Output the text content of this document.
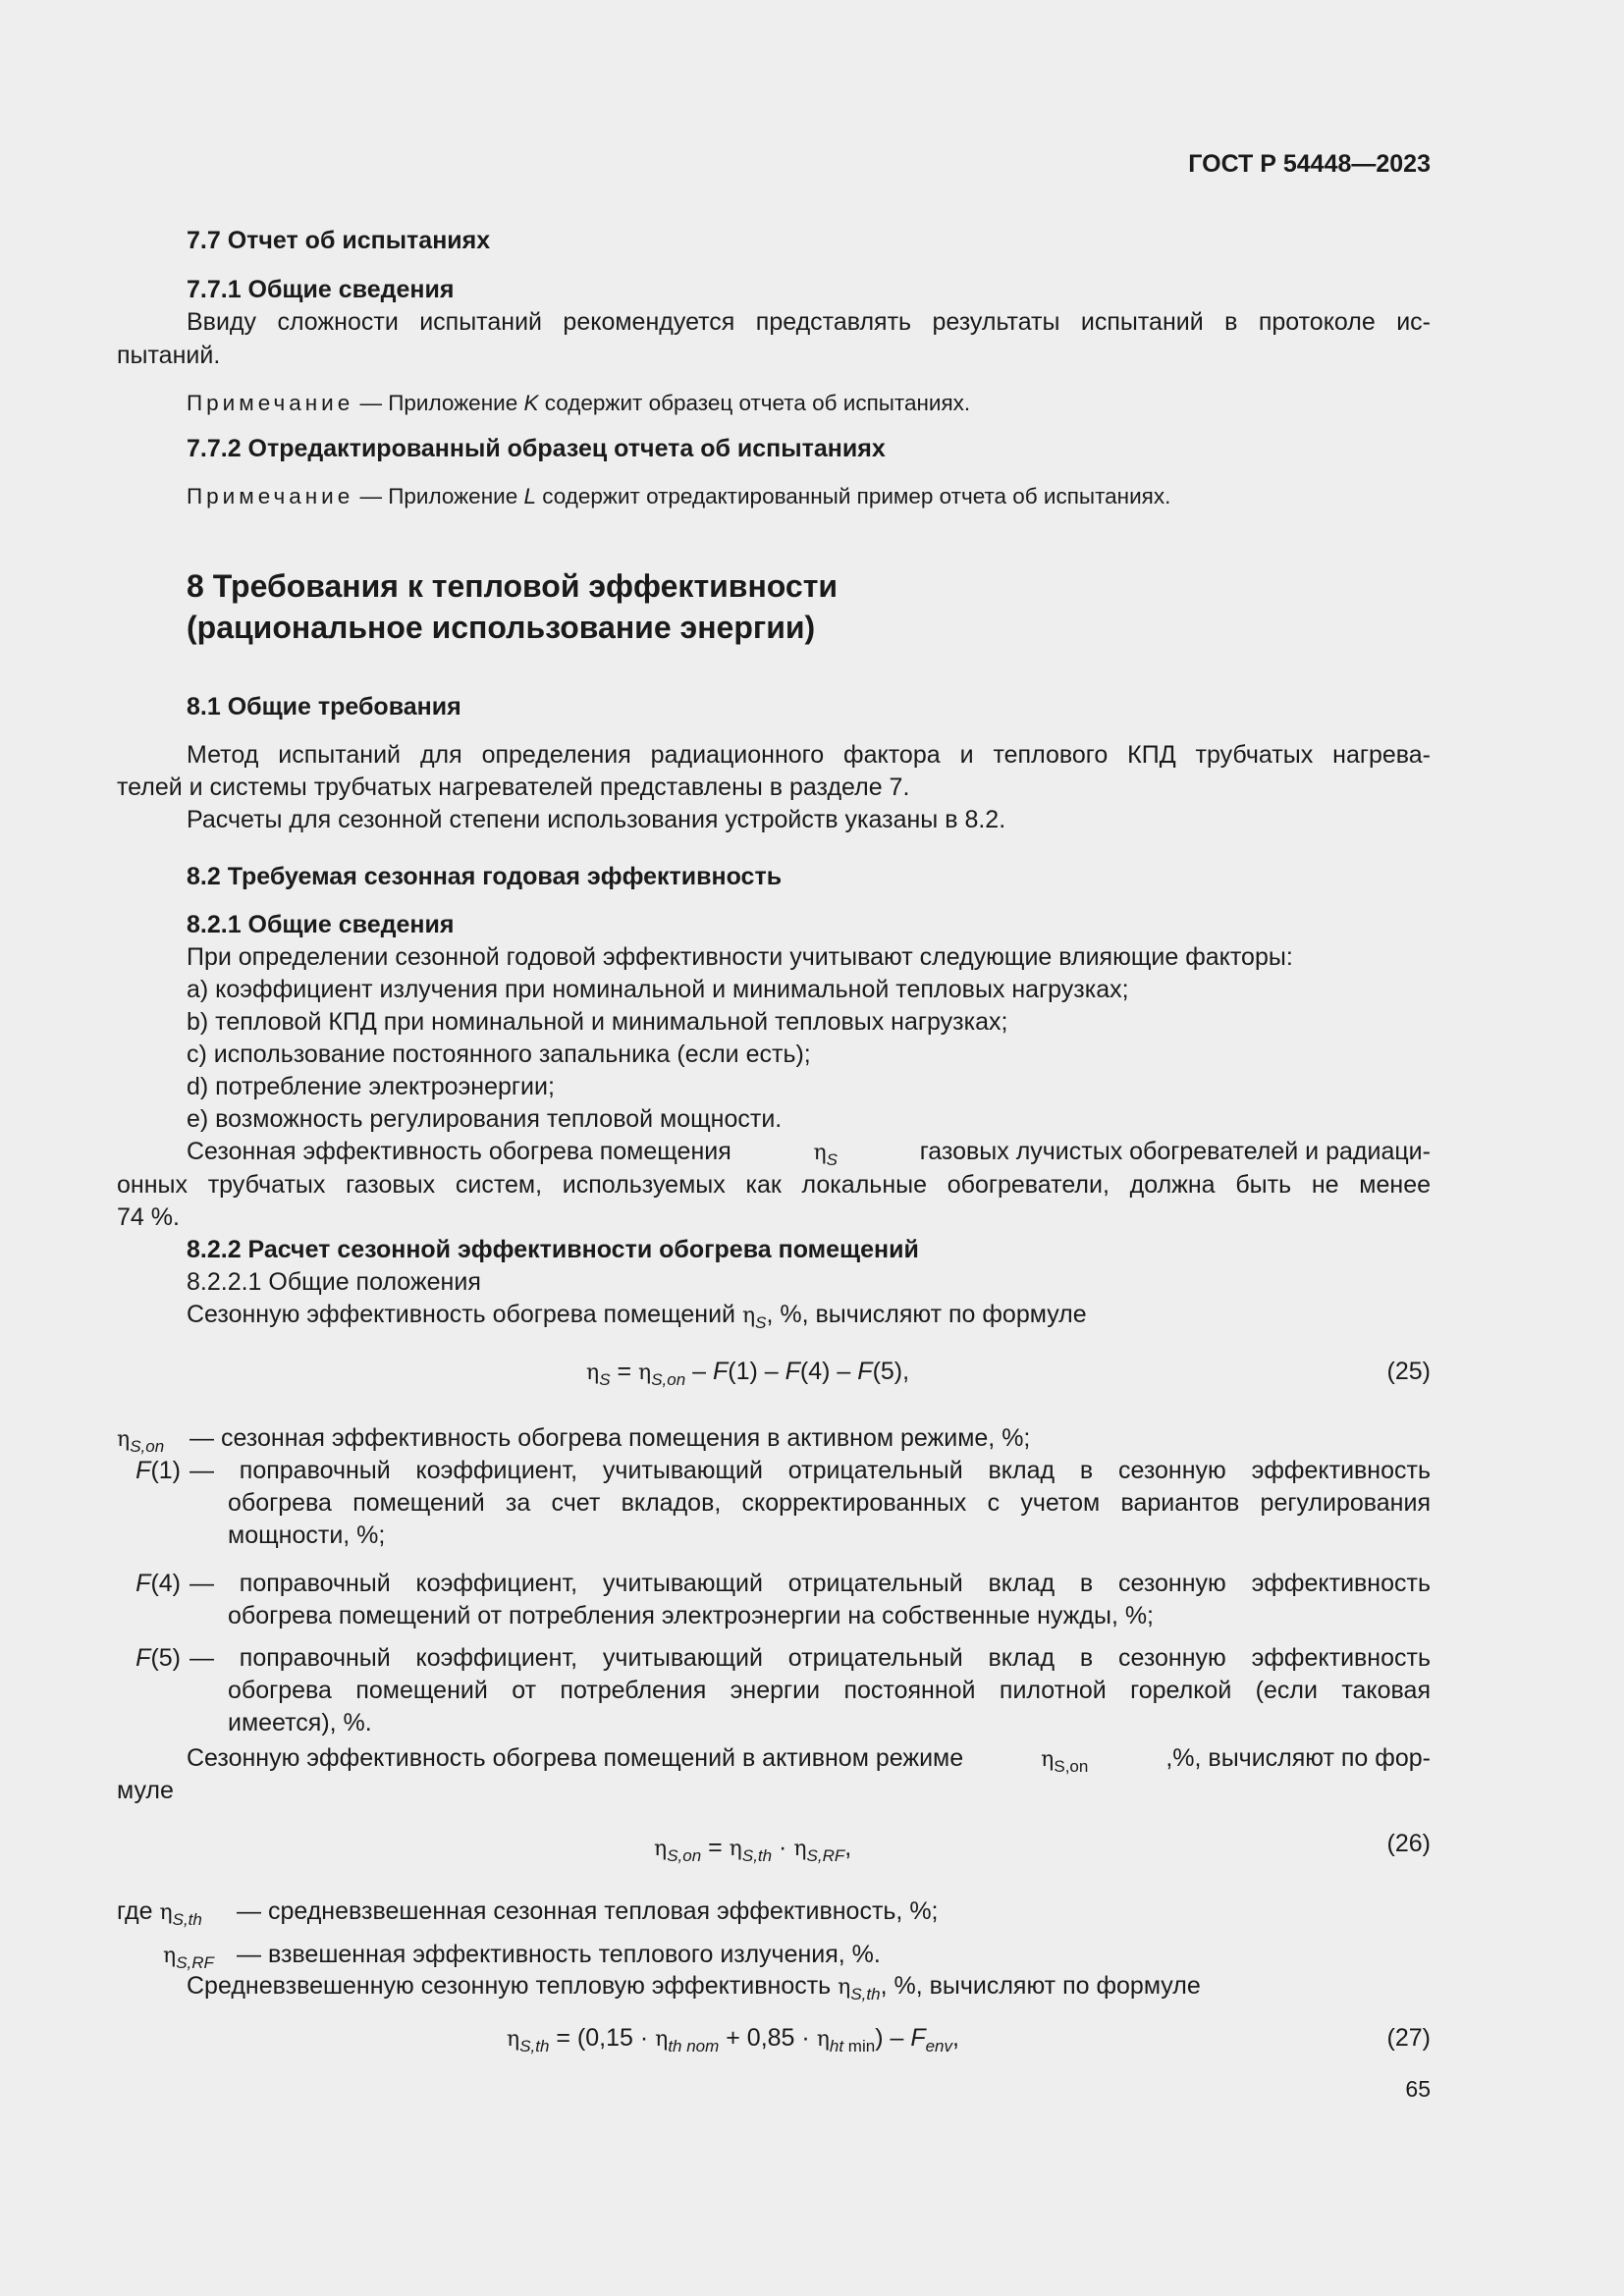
ГОСТ Р 54448—2023
7.7 Отчет об испытаниях
7.7.1 Общие сведения
Ввиду сложности испытаний рекомендуется представлять результаты испытаний в протоколе ис-
пытаний.
Примечание — Приложение K содержит образец отчета об испытаниях.
7.7.2 Отредактированный образец отчета об испытаниях
Примечание — Приложение L содержит отредактированный пример отчета об испытаниях.
8 Требования к тепловой эффективности
(рациональное использование энергии)
8.1 Общие требования
Метод испытаний для определения радиационного фактора и теплового КПД трубчатых нагрева-
телей и системы трубчатых нагревателей представлены в разделе 7.
Расчеты для сезонной степени использования устройств указаны в 8.2.
8.2 Требуемая сезонная годовая эффективность
8.2.1 Общие сведения
При определении сезонной годовой эффективности учитывают следующие влияющие факторы:
a) коэффициент излучения при номинальной и минимальной тепловых нагрузках;
b) тепловой КПД при номинальной и минимальной тепловых нагрузках;
c) использование постоянного запальника (если есть);
d) потребление электроэнергии;
e) возможность регулирования тепловой мощности.
Сезонная эффективность обогрева помещения	$\eta_S$	газовых лучистых обогревателей и радиаци-
онных трубчатых газовых систем, используемых как локальные обогреватели, должна быть не менее
74 %.
8.2.2 Расчет сезонной эффективности обогрева помещений
8.2.2.1 Общие положения
Сезонную эффективность обогрева помещений $\eta_S$, %, вычисляют по формуле
$\eta_S = \eta_{S,on} - F(1) - F(4) - F(5)$,	(25)
$\eta_{S,on}$ — сезонная эффективность обогрева помещения в активном режиме, %;
F(1) — поправочный коэффициент, учитывающий отрицательный вклад в сезонную эффективность
обогрева помещений за счет вкладов, скорректированных с учетом вариантов регулирования
мощности, %;
F(4) — поправочный коэффициент, учитывающий отрицательный вклад в сезонную эффективность
обогрева помещений от потребления электроэнергии на собственные нужды, %;
F(5) — поправочный коэффициент, учитывающий отрицательный вклад в сезонную эффективность
обогрева помещений от потребления энергии постоянной пилотной горелкой (если таковая
имеется), %.
Сезонную эффективность обогрева помещений в активном режиме	$\eta_{S,on}$	,%, вычисляют по фор-
муле
$\eta_{S,on} = \eta_{S,th} \cdot \eta_{S,RF}$,	(26)
где $\eta_{S,th}$ — средневзвешенная сезонная тепловая эффективность, %;
$\eta_{S,RF}$ — взвешенная эффективность теплового излучения, %.
Средневзвешенную сезонную тепловую эффективность $\eta_{S,th}$, %, вычисляют по формуле
$\eta_{S,th} = (0,15 \cdot \eta_{th nom} + 0,85 \cdot \eta_{ht min}) - F_{env}$,	(27)
65
